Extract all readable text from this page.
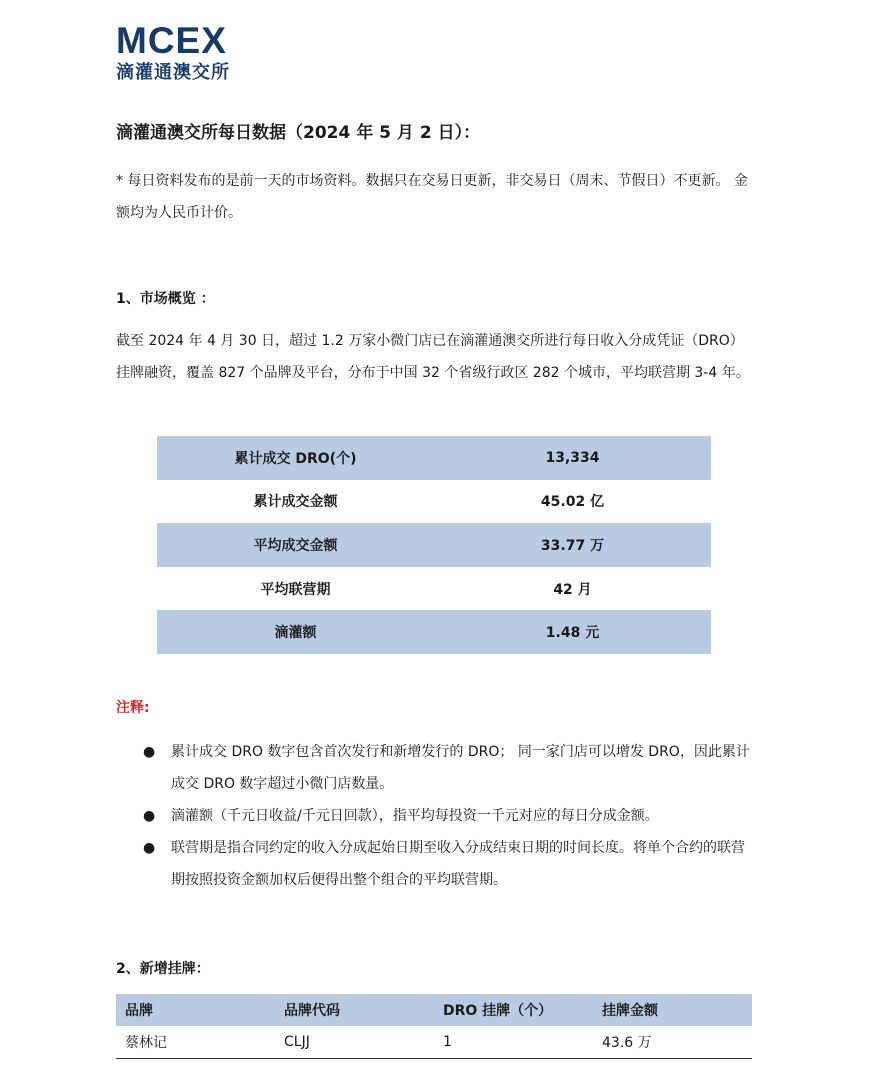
MCEX
滴灌通澳交所
滴灌通澳交所每日数据（2024 年 5 月 2 日）：
* 每日资料发布的是前一天的市场资料。数据只在交易日更新，非交易日（周末、节假日）不更新。 金额均为人民币计价。
1、市场概览 ：
截至 2024 年 4 月 30 日，超过 1.2 万家小微门店已在滴灌通澳交所进行每日收入分成凭证（DRO）挂牌融资，覆盖 827 个品牌及平台，分布于中国 32 个省级行政区 282 个城市，平均联营期 3-4 年。
累计成交 DRO(个)	13,334
累计成交金额	45.02 亿
平均成交金额	33.77 万
平均联营期	42 月
滴灌额	1.48 元
注释:
●	累计成交 DRO 数字包含首次发行和新增发行的 DRO； 同一家门店可以增发 DRO，因此累计成交 DRO 数字超过小微门店数量。
●	滴灌额（千元日收益/千元日回款），指平均每投资一千元对应的每日分成金额。
●	联营期是指合同约定的收入分成起始日期至收入分成结束日期的时间长度。将单个合约的联营期按照投资金额加权后便得出整个组合的平均联营期。
2、新增挂牌：
品牌	品牌代码	DRO 挂牌（个）	挂牌金额
蔡林记	CLJJ	1	43.6 万
